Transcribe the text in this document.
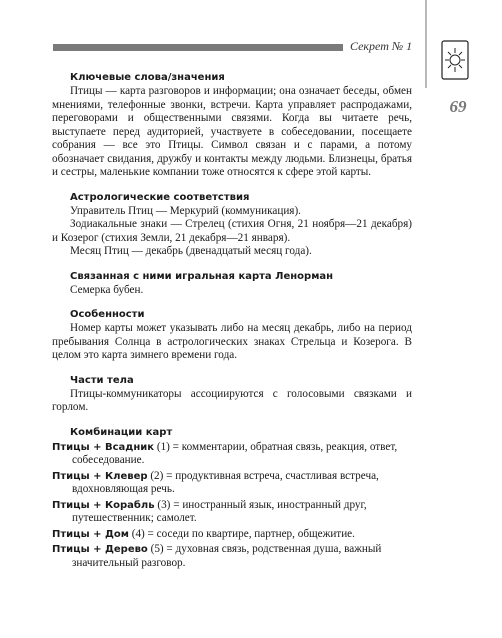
Секрет № 1
69
Ключевые слова/значения

Птицы — карта разговоров и информации; она означает беседы, обмен мнениями, телефонные звонки, встречи. Карта управляет распродажами, переговорами и общественными связями. Когда вы читаете речь, выступаете перед аудиторией, участвуете в собеседовании, посещаете собрания — все это Птицы. Символ связан и с парами, а потому обозначает свидания, дружбу и контакты между людьми. Близнецы, братья и сестры, маленькие компании тоже относятся к сфере этой карты.

Астрологические соответствия

Управитель Птиц — Меркурий (коммуникация).

Зодиакальные знаки — Стрелец (стихия Огня, 21 ноября—21 декабря) и Козерог (стихия Земли, 21 декабря—21 января).

Месяц Птиц — декабрь (двенадцатый месяц года).

Связанная с ними игральная карта Ленорман

Семерка бубен.

Особенности

Номер карты может указывать либо на месяц декабрь, либо на период пребывания Солнца в астрологических знаках Стрельца и Козерога. В целом это карта зимнего времени года.

Части тела

Птицы-коммуникаторы ассоциируются с голосовыми связками и горлом.

Комбинации карт

Птицы + Всадник (1) = комментарии, обратная связь, реакция, ответ, собеседование.

Птицы + Клевер (2) = продуктивная встреча, счастливая встреча, вдохновляющая речь.

Птицы + Корабль (3) = иностранный язык, иностранный друг, путешественник; самолет.

Птицы + Дом (4) = соседи по квартире, партнер, общежитие.

Птицы + Дерево (5) = духовная связь, родственная душа, важный значительный разговор.
